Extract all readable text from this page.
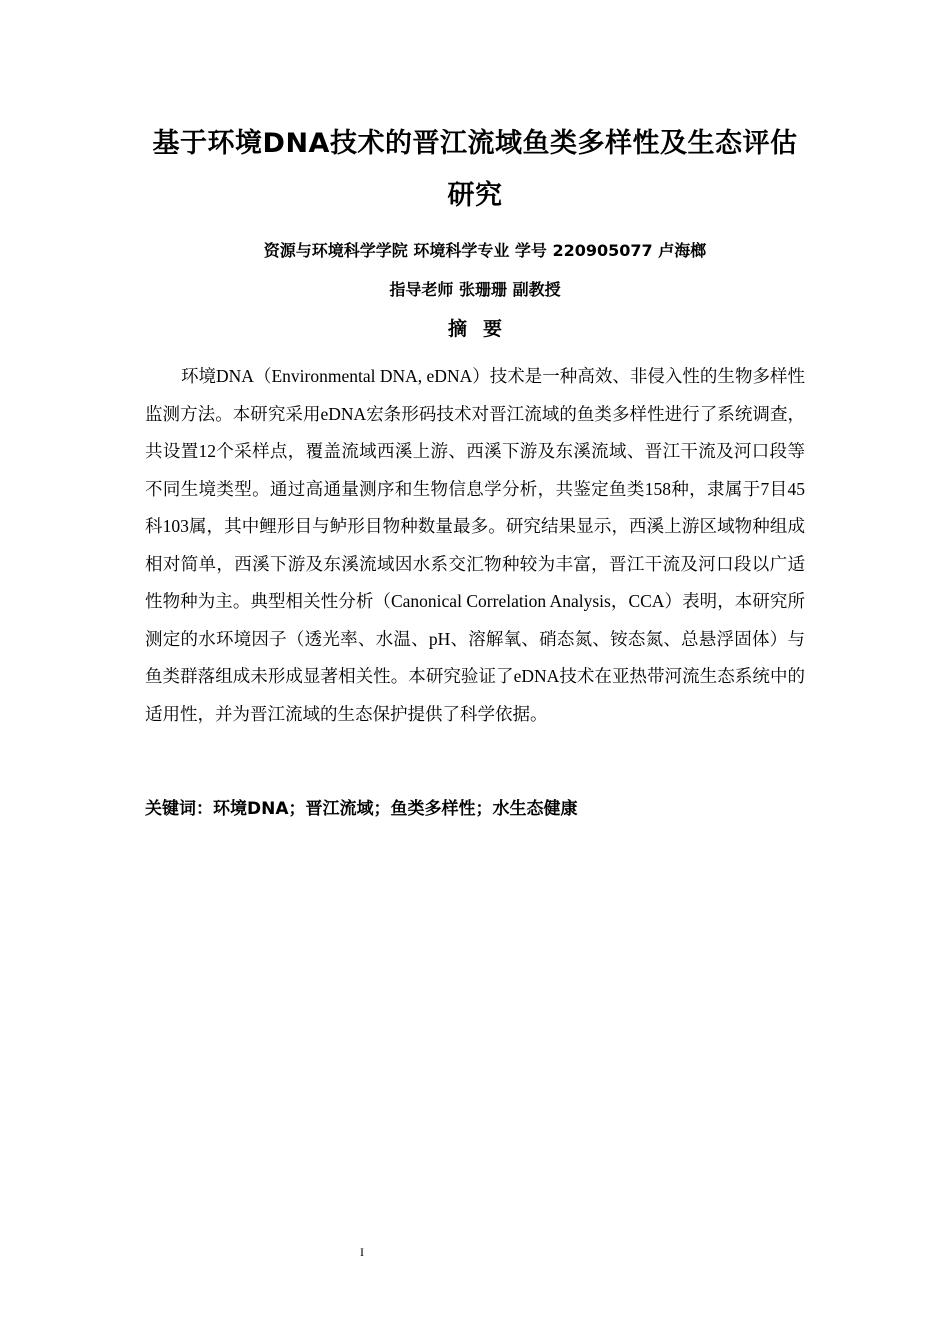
基于环境DNA技术的晋江流域鱼类多样性及生态评估研究
资源与环境科学学院 环境科学专业 学号 220905077 卢海榔
指导老师 张珊珊 副教授
摘要

环境DNA（Environmental DNA, eDNA）技术是一种高效、非侵入性的生物多样性监测方法。本研究采用eDNA宏条形码技术对晋江流域的鱼类多样性进行了系统调查，共设置12个采样点，覆盖流域西溪上游、西溪下游及东溪流域、晋江干流及河口段等不同生境类型。通过高通量测序和生物信息学分析，共鉴定鱼类158种，隶属于7目45科103属，其中鲤形目与鲈形目物种数量最多。研究结果显示，西溪上游区域物种组成相对简单，西溪下游及东溪流域因水系交汇物种较为丰富，晋江干流及河口段以广适性物种为主。典型相关性分析（Canonical Correlation Analysis，CCA）表明，本研究所测定的水环境因子（透光率、水温、pH、溶解氧、硝态氮、铵态氮、总悬浮固体）与鱼类群落组成未形成显著相关性。本研究验证了eDNA技术在亚热带河流生态系统中的适用性，并为晋江流域的生态保护提供了科学依据。

关键词：环境DNA；晋江流域；鱼类多样性；水生态健康
I
